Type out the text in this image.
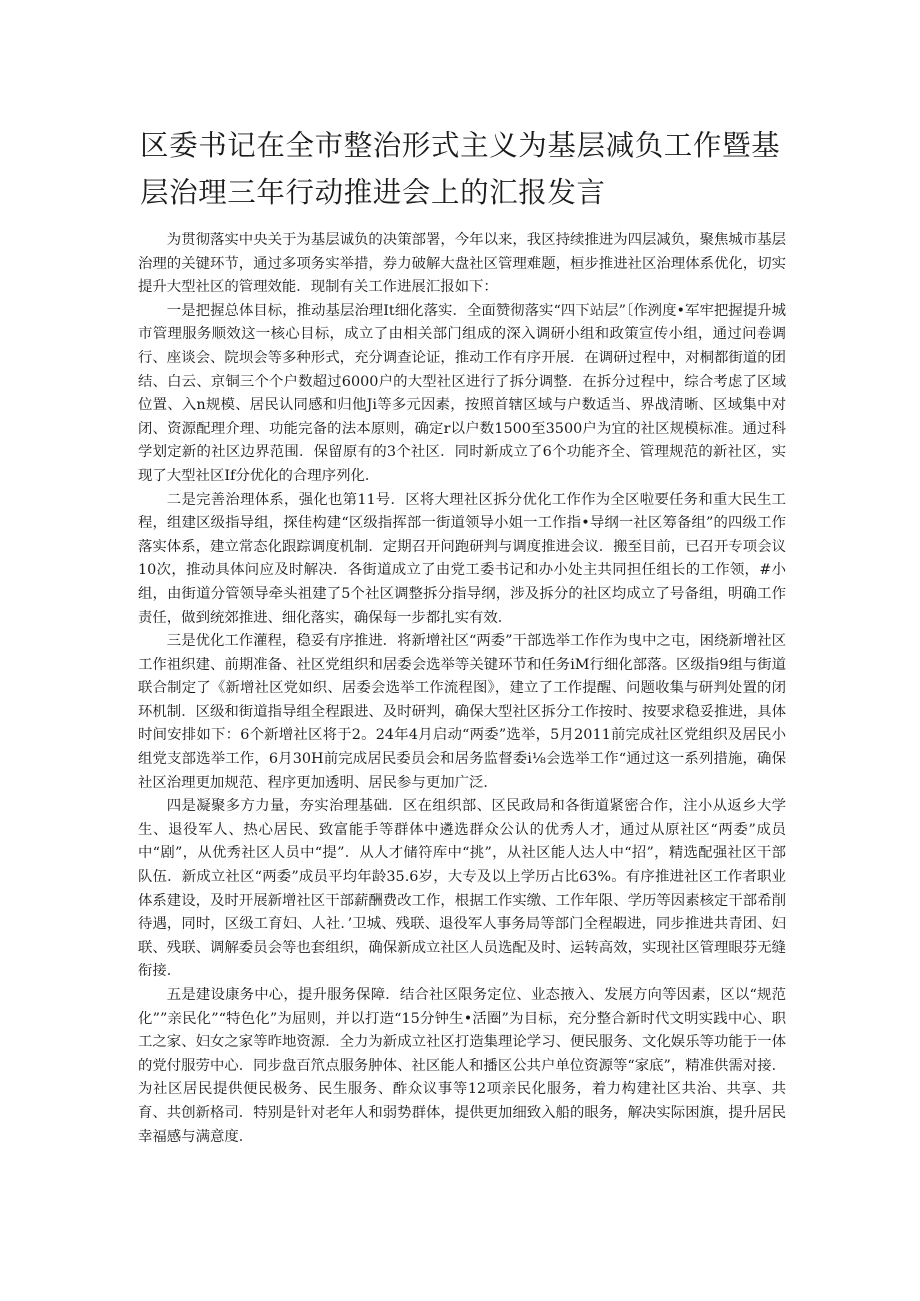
区委书记在全市整治形式主义为基层减负工作暨基层治理三年行动推进会上的汇报发言

为贯彻落实中央关于为基层诚负的决策部署，今年以来，我区持续推进为四层减负，聚焦城市基层治理的关键环节，通过多项务实举措，券力破解大盘社区管理难题，桓步推进社区治理体系优化，切实提升大型社区的管理效能．现制有关工作进展汇报如下：

一是把握总体目标，推动基层治理It细化落实．全面赞彻落实“四下站层”〔作洌度•军牢把握提升城市管理服务顺效这一核心目标，成立了由相关部门组成的深入调研小组和政策宣传小组，通过问卷调行、座谈会、院坝会等多种形式，充分调查论证，推动工作有序开展．在调研过程中，对桐都街道的团结、白云、京铜三个个户数超过6000户的大型社区进行了拆分调整．在拆分过程中，综合考虑了区域位置、入n规模、居民认同感和归他Ji等多元因素，按照首辖区域与户数适当、界战清晰、区域集中对闭、资源配理介理、功能完备的法本原则，确定r以户数1500至3500户为宜的社区规模标准。通过科学划定新的社区边界范围．保留原有的3个社区．同时新成立了6个功能齐全、管理规范的新社区，实现了大型社区If分优化的合理序列化．

二是完善治理体系，强化也第11号．区将大理社区拆分优化工作作为全区啦要任务和重大民生工程，组建区级指导组，探佳构建“区级指挥部一街道领导小姐一工作指•导纲一社区筹备组”的四级工作落实体系，建立常态化跟踪调度机制．定期召开问跑研判与调度推进会议．搬至目前，已召开专项会议10次，推动具体问应及时解决．各街道成立了由党工委书记和办小处主共同担任组长的工作领，#小组，由街道分管领导牵头祖建了5个社区调整拆分指导纲，涉及拆分的社区均成立了号备组，明确工作责任，做到统郊推进、细化落实，确保每一步都扎实有效．

三是优化工作灌程，稳妥有序推进．将新增社区“两委”干部选举工作作为曳中之屯，困绕新增社区工作祖织建、前期准备、社区党组织和居委会选举等关键环节和任务iM行细化部落。区级指9组与街道联合制定了《新增社区党如织、居委会选举工作流程图》，建立了工作提醒、问题收集与研判处置的闭环机制．区级和街道指导组全程跟进、及时研判，确保大型社区拆分工作按时、按要求稳妥推进，具体时间安排如下：6个新增社区将于2。24年4月启动“两委”选举，5月2011前完成社区党组织及居民小组党支部选举工作，6月30H前完成居民委员会和居务监督委i⅛会选举工作“通过这一系列措施，确保社区治理更加规范、程序更加透明、居民参与更加广泛．

四是凝聚多方力量，夯实治理基础．区在组织部、区民政局和各街道紧密合作，注小从返乡大学生、退役军人、热心居民、致富能手等群体中遴选群众公认的优秀人才，通过从原社区“两委”成员中“剧”，从优秀社区人员中“提”．从人才储符库中“挑”，从社区能人达人中“招”，精选配强社区干部队伍．新成立社区“两委”成员平均年龄35.6岁，大专及以上学历占比63%。有序推进社区工作者职业体系建设，及时开展新增社区干部薪酬费改工作，根据工作实缴、工作年限、学历等因素核定干部希削待遇，同时，区级工育妇、人社．’卫城、残联、退役军人事务局等部门全程嘏进，同步推进共青团、妇联、残联、调解委员会等也套组织，确保新成立社区人员选配及时、运转高效，实现社区管理眼芬无缝衔接．

五是建设康务中心，提升服务保障．结合社区限务定位、业态掖入、发展方向等因素，区以“规范化””亲民化”“特色化”为屈则，并以打造“15分钟生•活圈”为目标，充分整合新时代文明实践中心、职工之家、妇女之家等昨地资源．全力为新成立社区打造集理论学习、便民服务、文化娱乐等功能于一体的党付服劳中心．同步盘百笊点服务肿体、社区能人和播区公共户单位资源等“家底”，精准供需对接．为社区居民提供便民极务、民生服务、酢众议事等12项亲民化服务，着力构建社区共治、共享、共育、共创新格司．特别是针对老年人和弱势群体，提供更加细致入船的眼务，解决实际困旗，提升居民幸福感与满意度．
